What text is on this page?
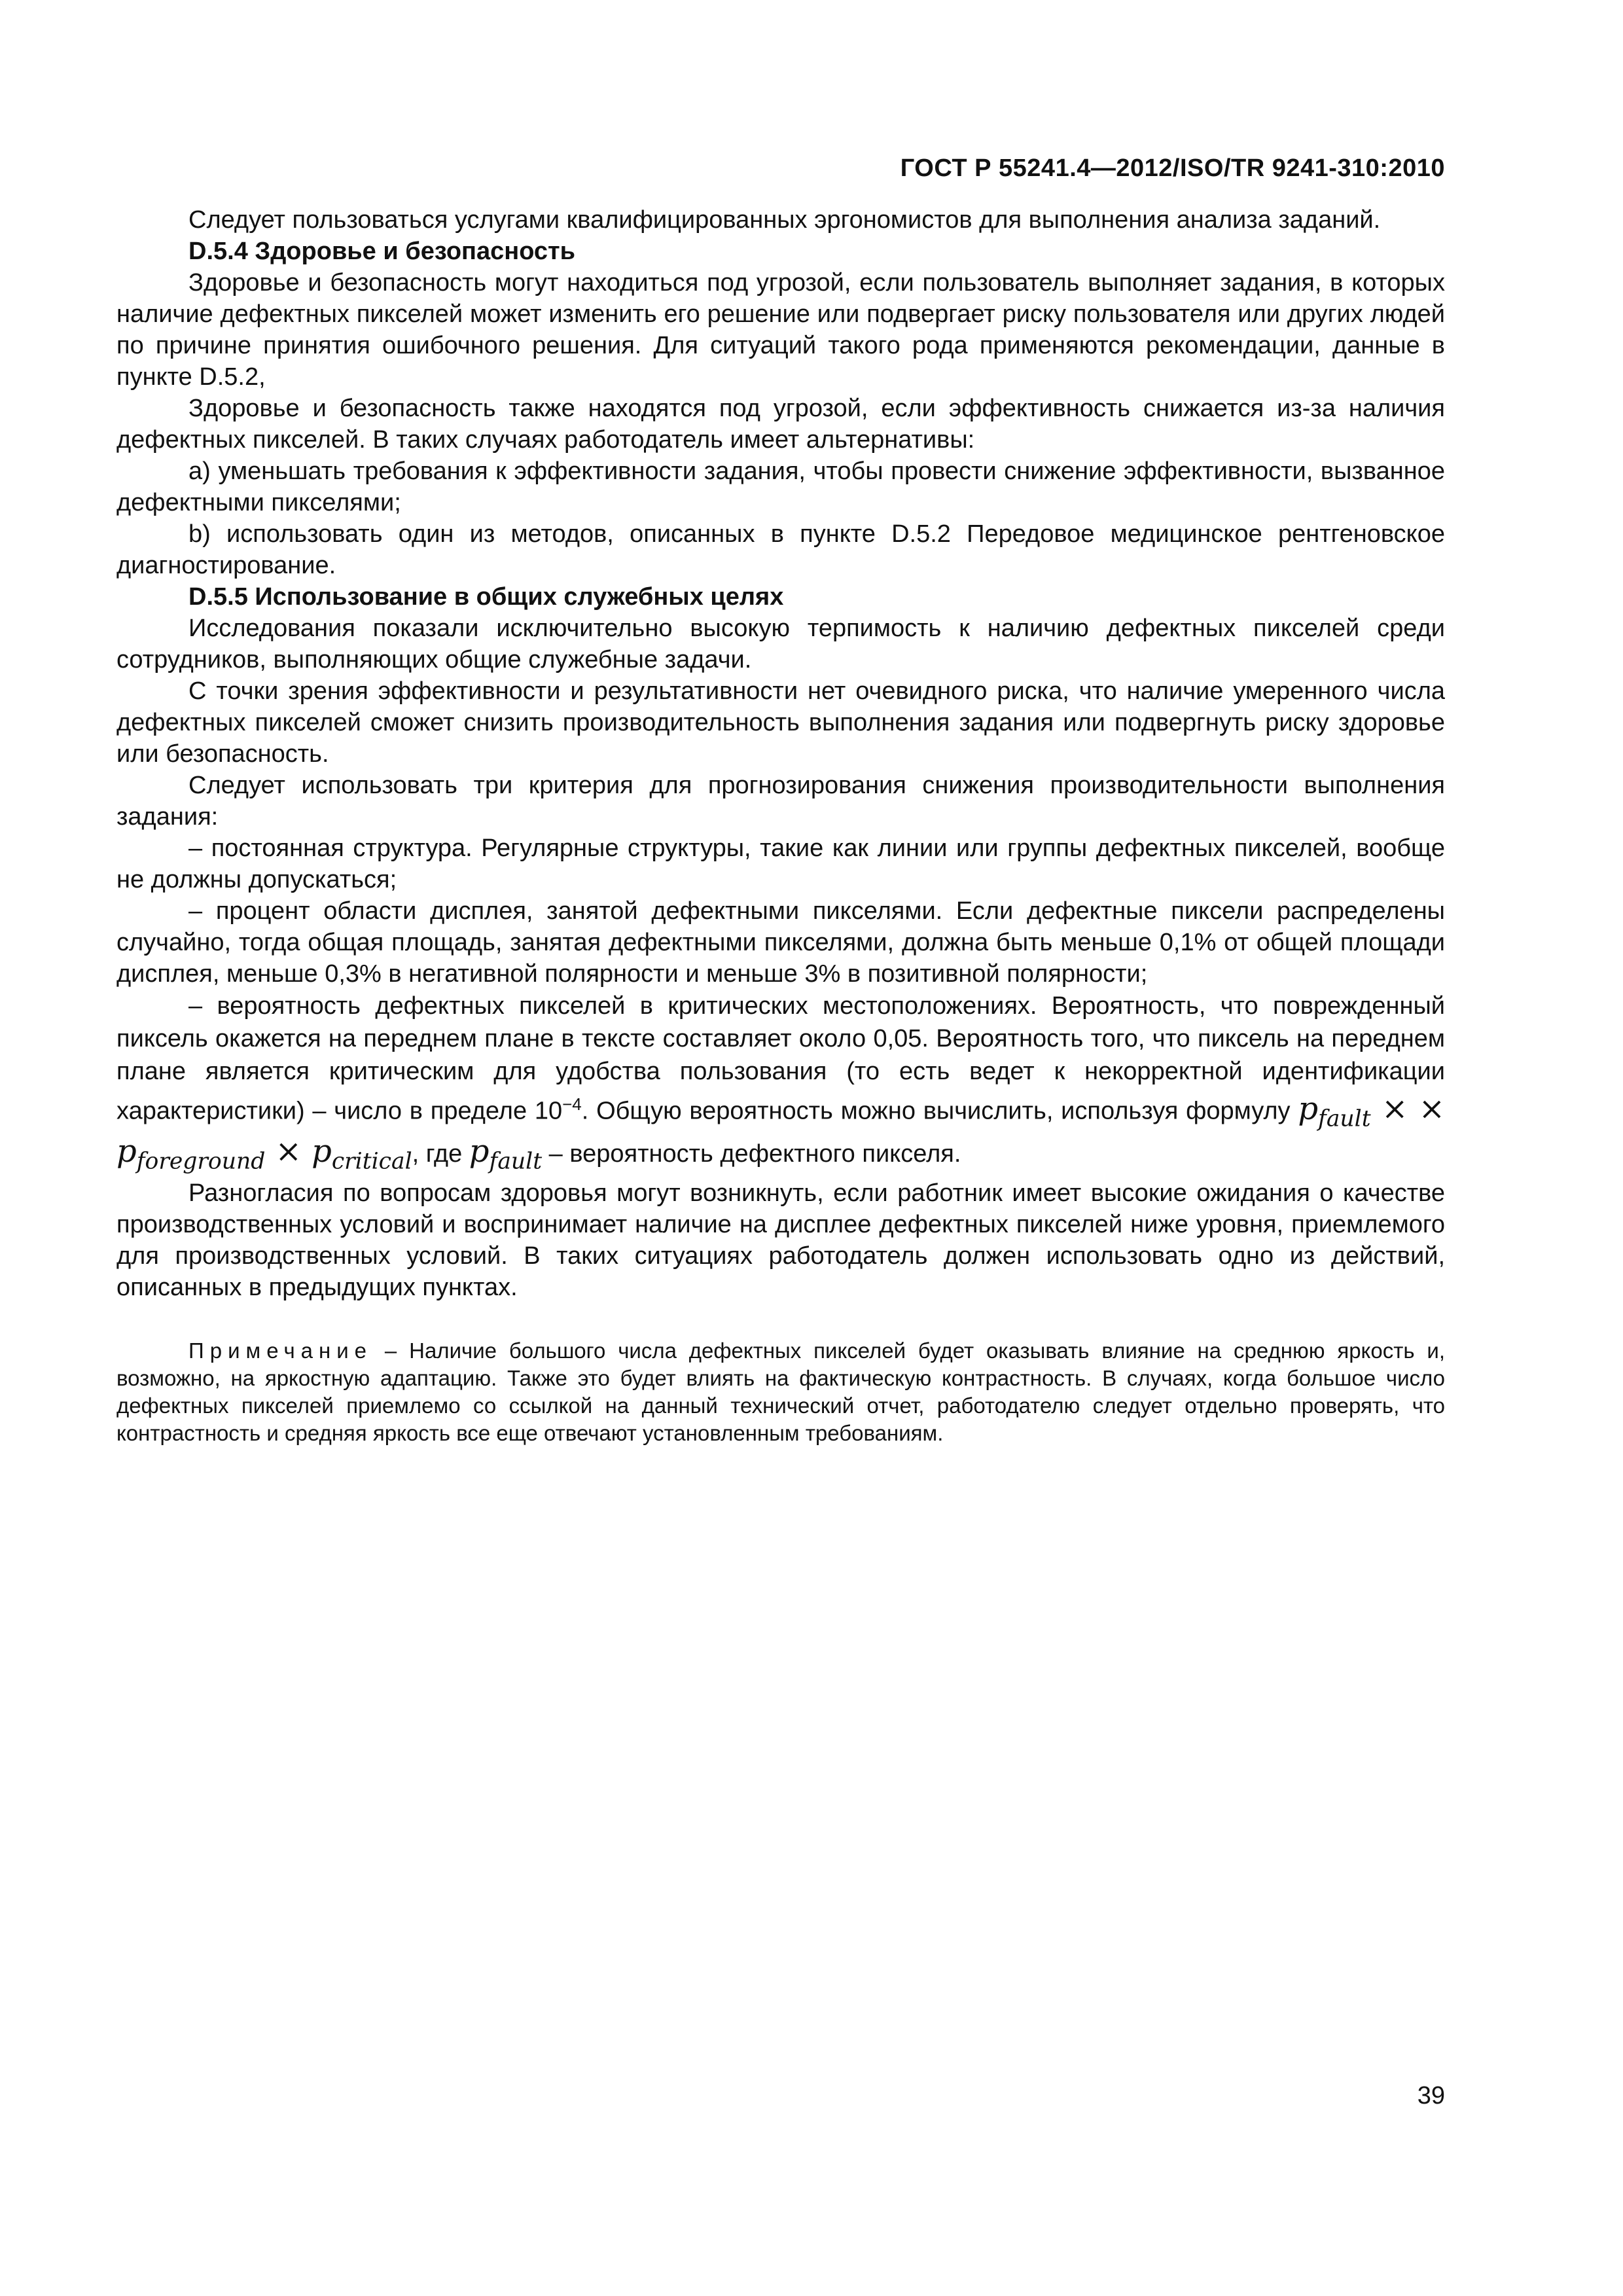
ГОСТ Р 55241.4—2012/ISO/TR 9241-310:2010

Следует пользоваться услугами квалифицированных эргономистов для выполнения анализа заданий.

D.5.4 Здоровье и безопасность

Здоровье и безопасность могут находиться под угрозой, если пользователь выполняет задания, в которых наличие дефектных пикселей может изменить его решение или подвергает риску пользователя или других людей по причине принятия ошибочного решения. Для ситуаций такого рода применяются рекомендации, данные в пункте D.5.2,

Здоровье и безопасность также находятся под угрозой, если эффективность снижается из-за наличия дефектных пикселей. В таких случаях работодатель имеет альтернативы:

а) уменьшать требования к эффективности задания, чтобы провести снижение эффективности, вызванное дефектными пикселями;

b) использовать один из методов, описанных в пункте D.5.2 Передовое медицинское рентгеновское диагностирование.

D.5.5 Использование в общих служебных целях

Исследования показали исключительно высокую терпимость к наличию дефектных пикселей среди сотрудников, выполняющих общие служебные задачи.

С точки зрения эффективности и результативности нет очевидного риска, что наличие умеренного числа дефектных пикселей сможет снизить производительность выполнения задания или подвергнуть риску здоровье или безопасность.

Следует использовать три критерия для прогнозирования снижения производительности выполнения задания:

– постоянная структура. Регулярные структуры, такие как линии или группы дефектных пикселей, вообще не должны допускаться;

– процент области дисплея, занятой дефектными пикселями. Если дефектные пиксели распределены случайно, тогда общая площадь, занятая дефектными пикселями, должна быть меньше 0,1% от общей площади дисплея, меньше 0,3% в негативной полярности и меньше 3% в позитивной полярности;

– вероятность дефектных пикселей в критических местоположениях. Вероятность, что поврежденный пиксель окажется на переднем плане в тексте составляет около 0,05. Вероятность того, что пиксель на переднем плане является критическим для удобства пользования (то есть ведет к некорректной идентификации характеристики) – число в пределе $10^{-4}$. Общую вероятность можно вычислить, используя формулу $p_{fault}$ × × $p_{foreground} \times p_{critical}$, где $p_{fault}$ – вероятность дефектного пикселя.

Разногласия по вопросам здоровья могут возникнуть, если работник имеет высокие ожидания о качестве производственных условий и воспринимает наличие на дисплее дефектных пикселей ниже уровня, приемлемого для производственных условий. В таких ситуациях работодатель должен использовать одно из действий, описанных в предыдущих пунктах.

Примечание – Наличие большого числа дефектных пикселей будет оказывать влияние на среднюю яркость и, возможно, на яркостную адаптацию. Также это будет влиять на фактическую контрастность. В случаях, когда большое число дефектных пикселей приемлемо со ссылкой на данный технический отчет, работодателю следует отдельно проверять, что контрастность и средняя яркость все еще отвечают установленным требованиям.

39
